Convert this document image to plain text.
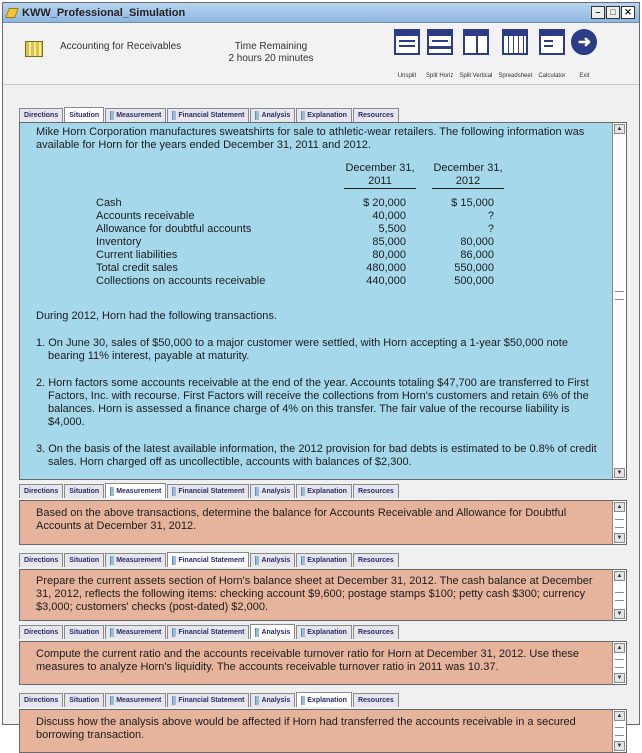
KWW_Professional_Simulation	–	□ ✕
Accounting for Receivables	Time Remaining
2 hours 20 minutes
Unsplit Split Horiz Split Vertical Spreadsheet Calculator
➜
Exit
Directions	Situation	Measurement Financial Statement Analysis Explanation	Resources
Mike Horn Corporation manufactures sweatshirts for sale to athletic-wear retailers. The following information was available for Horn for the years ended December 31, 2011 and 2012.
December 31,	December 31,
2011	2012
Cash	$ 20,000	$ 15,000
Accounts receivable	40,000	?
Allowance for doubtful accounts	5,500	?
Inventory	85,000	80,000
Current liabilities	80,000	86,000
Total credit sales	480,000	550,000
Collections on accounts receivable	440,000	500,000
During 2012, Horn had the following transactions.
1. On June 30, sales of $50,000 to a major customer were settled, with Horn accepting a 1-year $50,000 note bearing 11% interest, payable at maturity.
2. Horn factors some accounts receivable at the end of the year. Accounts totaling $47,700 are transferred to First Factors, Inc. with recourse. First Factors will receive the collections from Horn's customers and retain 6% of the balances. Horn is assessed a finance charge of 4% on this transfer. The fair value of the recourse liability is $4,000.
3. On the basis of the latest available information, the 2012 provision for bad debts is estimated to be 0.8% of credit sales. Horn charged off as uncollectible, accounts with balances of $2,300.
▲
▼
Directions	Situation	Measurement Financial Statement Analysis Explanation	Resources
Based on the above transactions, determine the balance for Accounts Receivable and Allowance for Doubtful Accounts at December 31, 2012.
▲
▼
Directions	Situation	Measurement Financial Statement Analysis Explanation	Resources
Prepare the current assets section of Horn's balance sheet at December 31, 2012. The cash balance at December 31, 2012, reflects the following items: checking account $9,600; postage stamps $100; petty cash $300; currency $3,000; customers' checks (post-dated) $2,000.
▲
▼
Directions	Situation	Measurement Financial Statement Analysis Explanation	Resources
Compute the current ratio and the accounts receivable turnover ratio for Horn at December 31, 2012. Use these measures to analyze Horn's liquidity. The accounts receivable turnover ratio in 2011 was 10.37.
▲
▼
Directions	Situation	Measurement Financial Statement Analysis Explanation	Resources
Discuss how the analysis above would be affected if Horn had transferred the accounts receivable in a secured borrowing transaction.
▲
▼
